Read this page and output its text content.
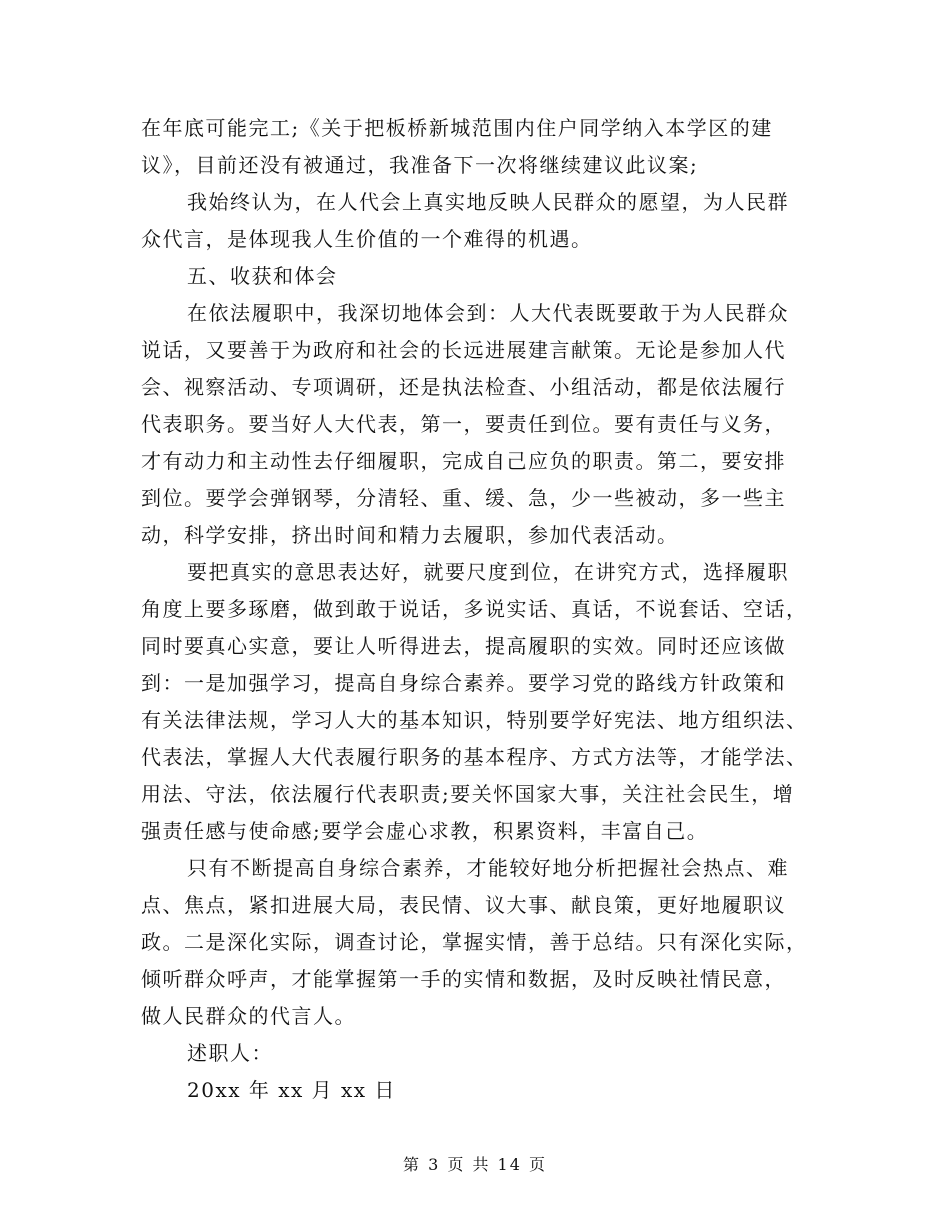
在年底可能完工;《关于把板桥新城范围内住户同学纳入本学区的建
议》，目前还没有被通过，我准备下一次将继续建议此议案;
我始终认为，在人代会上真实地反映人民群众的愿望，为人民群
众代言，是体现我人生价值的一个难得的机遇。
五、收获和体会
在依法履职中，我深切地体会到：人大代表既要敢于为人民群众
说话，又要善于为政府和社会的长远进展建言献策。无论是参加人代
会、视察活动、专项调研，还是执法检查、小组活动，都是依法履行
代表职务。要当好人大代表，第一，要责任到位。要有责任与义务，
才有动力和主动性去仔细履职，完成自己应负的职责。第二，要安排
到位。要学会弹钢琴，分清轻、重、缓、急，少一些被动，多一些主
动，科学安排，挤出时间和精力去履职，参加代表活动。
要把真实的意思表达好，就要尺度到位，在讲究方式，选择履职
角度上要多琢磨，做到敢于说话，多说实话、真话，不说套话、空话，
同时要真心实意，要让人听得进去，提高履职的实效。同时还应该做
到：一是加强学习，提高自身综合素养。要学习党的路线方针政策和
有关法律法规，学习人大的基本知识，特别要学好宪法、地方组织法、
代表法，掌握人大代表履行职务的基本程序、方式方法等，才能学法、
用法、守法，依法履行代表职责;要关怀国家大事，关注社会民生，增
强责任感与使命感;要学会虚心求教，积累资料，丰富自己。
只有不断提高自身综合素养，才能较好地分析把握社会热点、难
点、焦点，紧扣进展大局，表民情、议大事、献良策，更好地履职议
政。二是深化实际，调查讨论，掌握实情，善于总结。只有深化实际，
倾听群众呼声，才能掌握第一手的实情和数据，及时反映社情民意，
做人民群众的代言人。
述职人：
20xx 年 xx 月 xx 日
第 3 页 共 14 页
